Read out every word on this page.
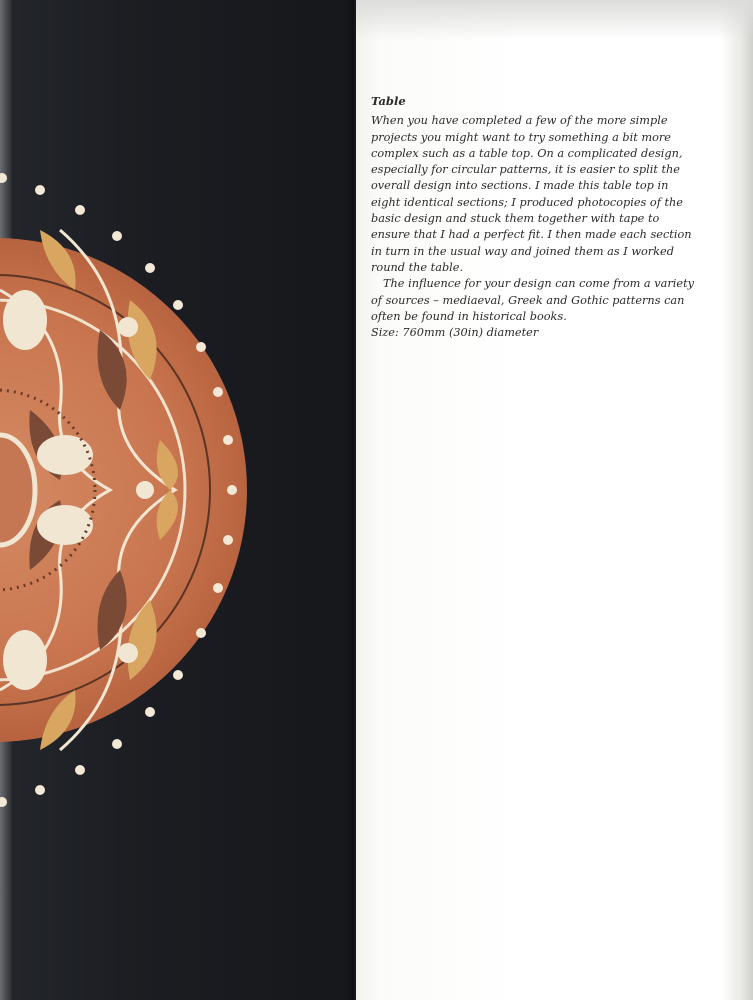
Table

When you have completed a few of the more simple projects you might want to try something a bit more complex such as a table top. On a complicated design, especially for circular patterns, it is easier to split the overall design into sections. I made this table top in eight identical sections; I produced photocopies of the basic design and stuck them together with tape to ensure that I had a perfect fit. I then made each section in turn in the usual way and joined them as I worked round the table.

The influence for your design can come from a variety of sources – mediaeval, Greek and Gothic patterns can often be found in historical books.

Size: 760mm (30in) diameter
